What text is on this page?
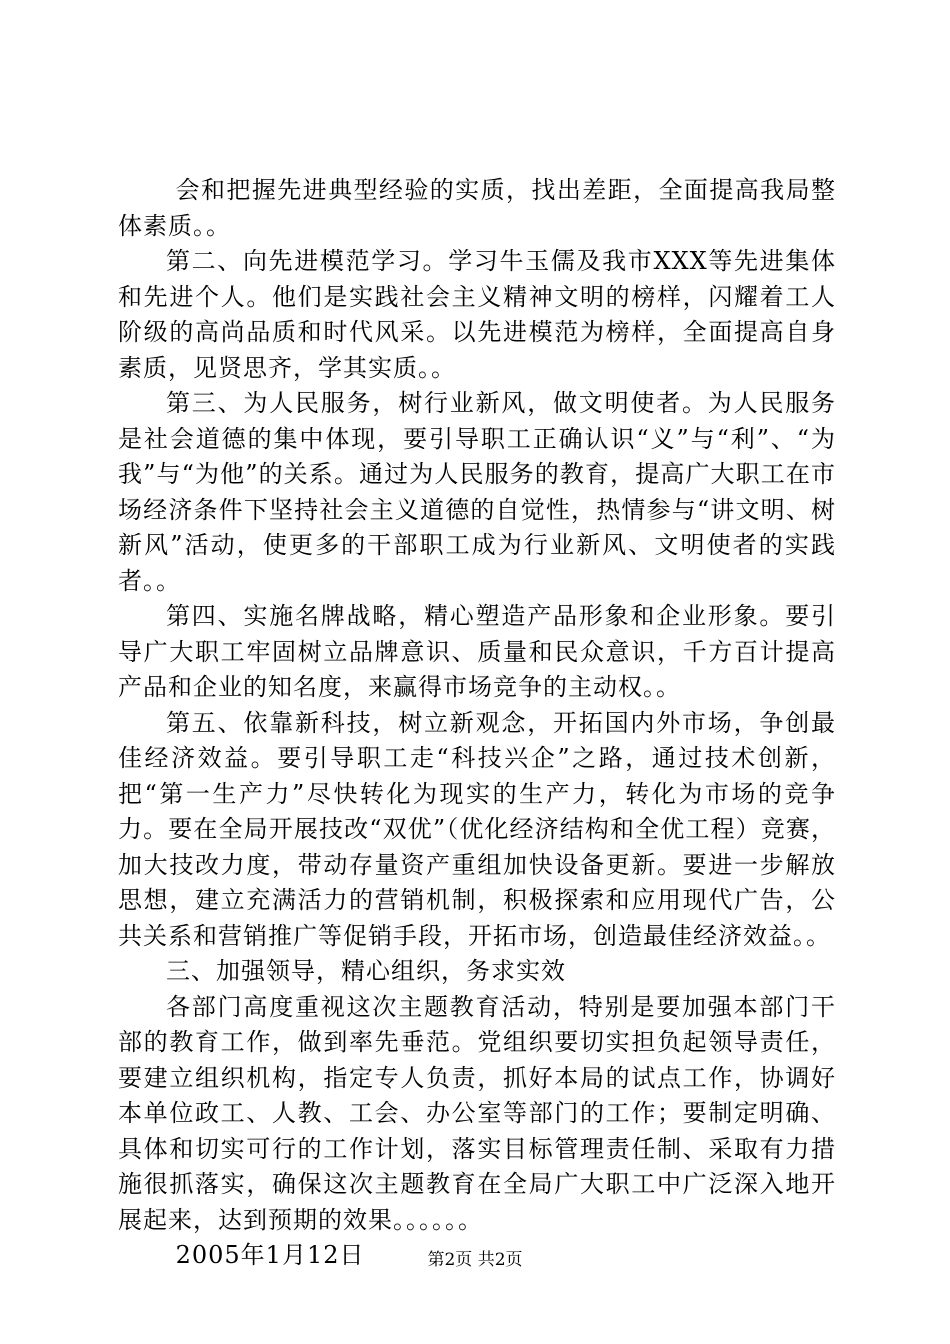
会和把握先进典型经验的实质，找出差距，全面提高我局整体素质。。

第二、向先进模范学习。学习牛玉儒及我市XXX等先进集体和先进个人。他们是实践社会主义精神文明的榜样，闪耀着工人阶级的高尚品质和时代风采。以先进模范为榜样，全面提高自身素质，见贤思齐，学其实质。。

第三、为人民服务，树行业新风，做文明使者。为人民服务是社会道德的集中体现，要引导职工正确认识“义”与“利”、“为我”与“为他”的关系。通过为人民服务的教育，提高广大职工在市场经济条件下坚持社会主义道德的自觉性，热情参与“讲文明、树新风”活动，使更多的干部职工成为行业新风、文明使者的实践者。。

第四、实施名牌战略，精心塑造产品形象和企业形象。要引导广大职工牢固树立品牌意识、质量和民众意识，千方百计提高产品和企业的知名度，来赢得市场竞争的主动权。。

第五、依靠新科技，树立新观念，开拓国内外市场，争创最佳经济效益。要引导职工走“科技兴企”之路，通过技术创新，把“第一生产力”尽快转化为现实的生产力，转化为市场的竞争力。要在全局开展技改“双优”（优化经济结构和全优工程）竞赛，加大技改力度，带动存量资产重组加快设备更新。要进一步解放思想，建立充满活力的营销机制，积极探索和应用现代广告，公共关系和营销推广等促销手段，开拓市场，创造最佳经济效益。。

三、加强领导，精心组织，务求实效

各部门高度重视这次主题教育活动，特别是要加强本部门干部的教育工作，做到率先垂范。党组织要切实担负起领导责任，要建立组织机构，指定专人负责，抓好本局的试点工作，协调好本单位政工、人教、工会、办公室等部门的工作；要制定明确、具体和切实可行的工作计划，落实目标管理责任制、采取有力措施很抓落实，确保这次主题教育在全局广大职工中广泛深入地开展起来，达到预期的效果。。。。。。

2005年1月12日	第2页 共2页
